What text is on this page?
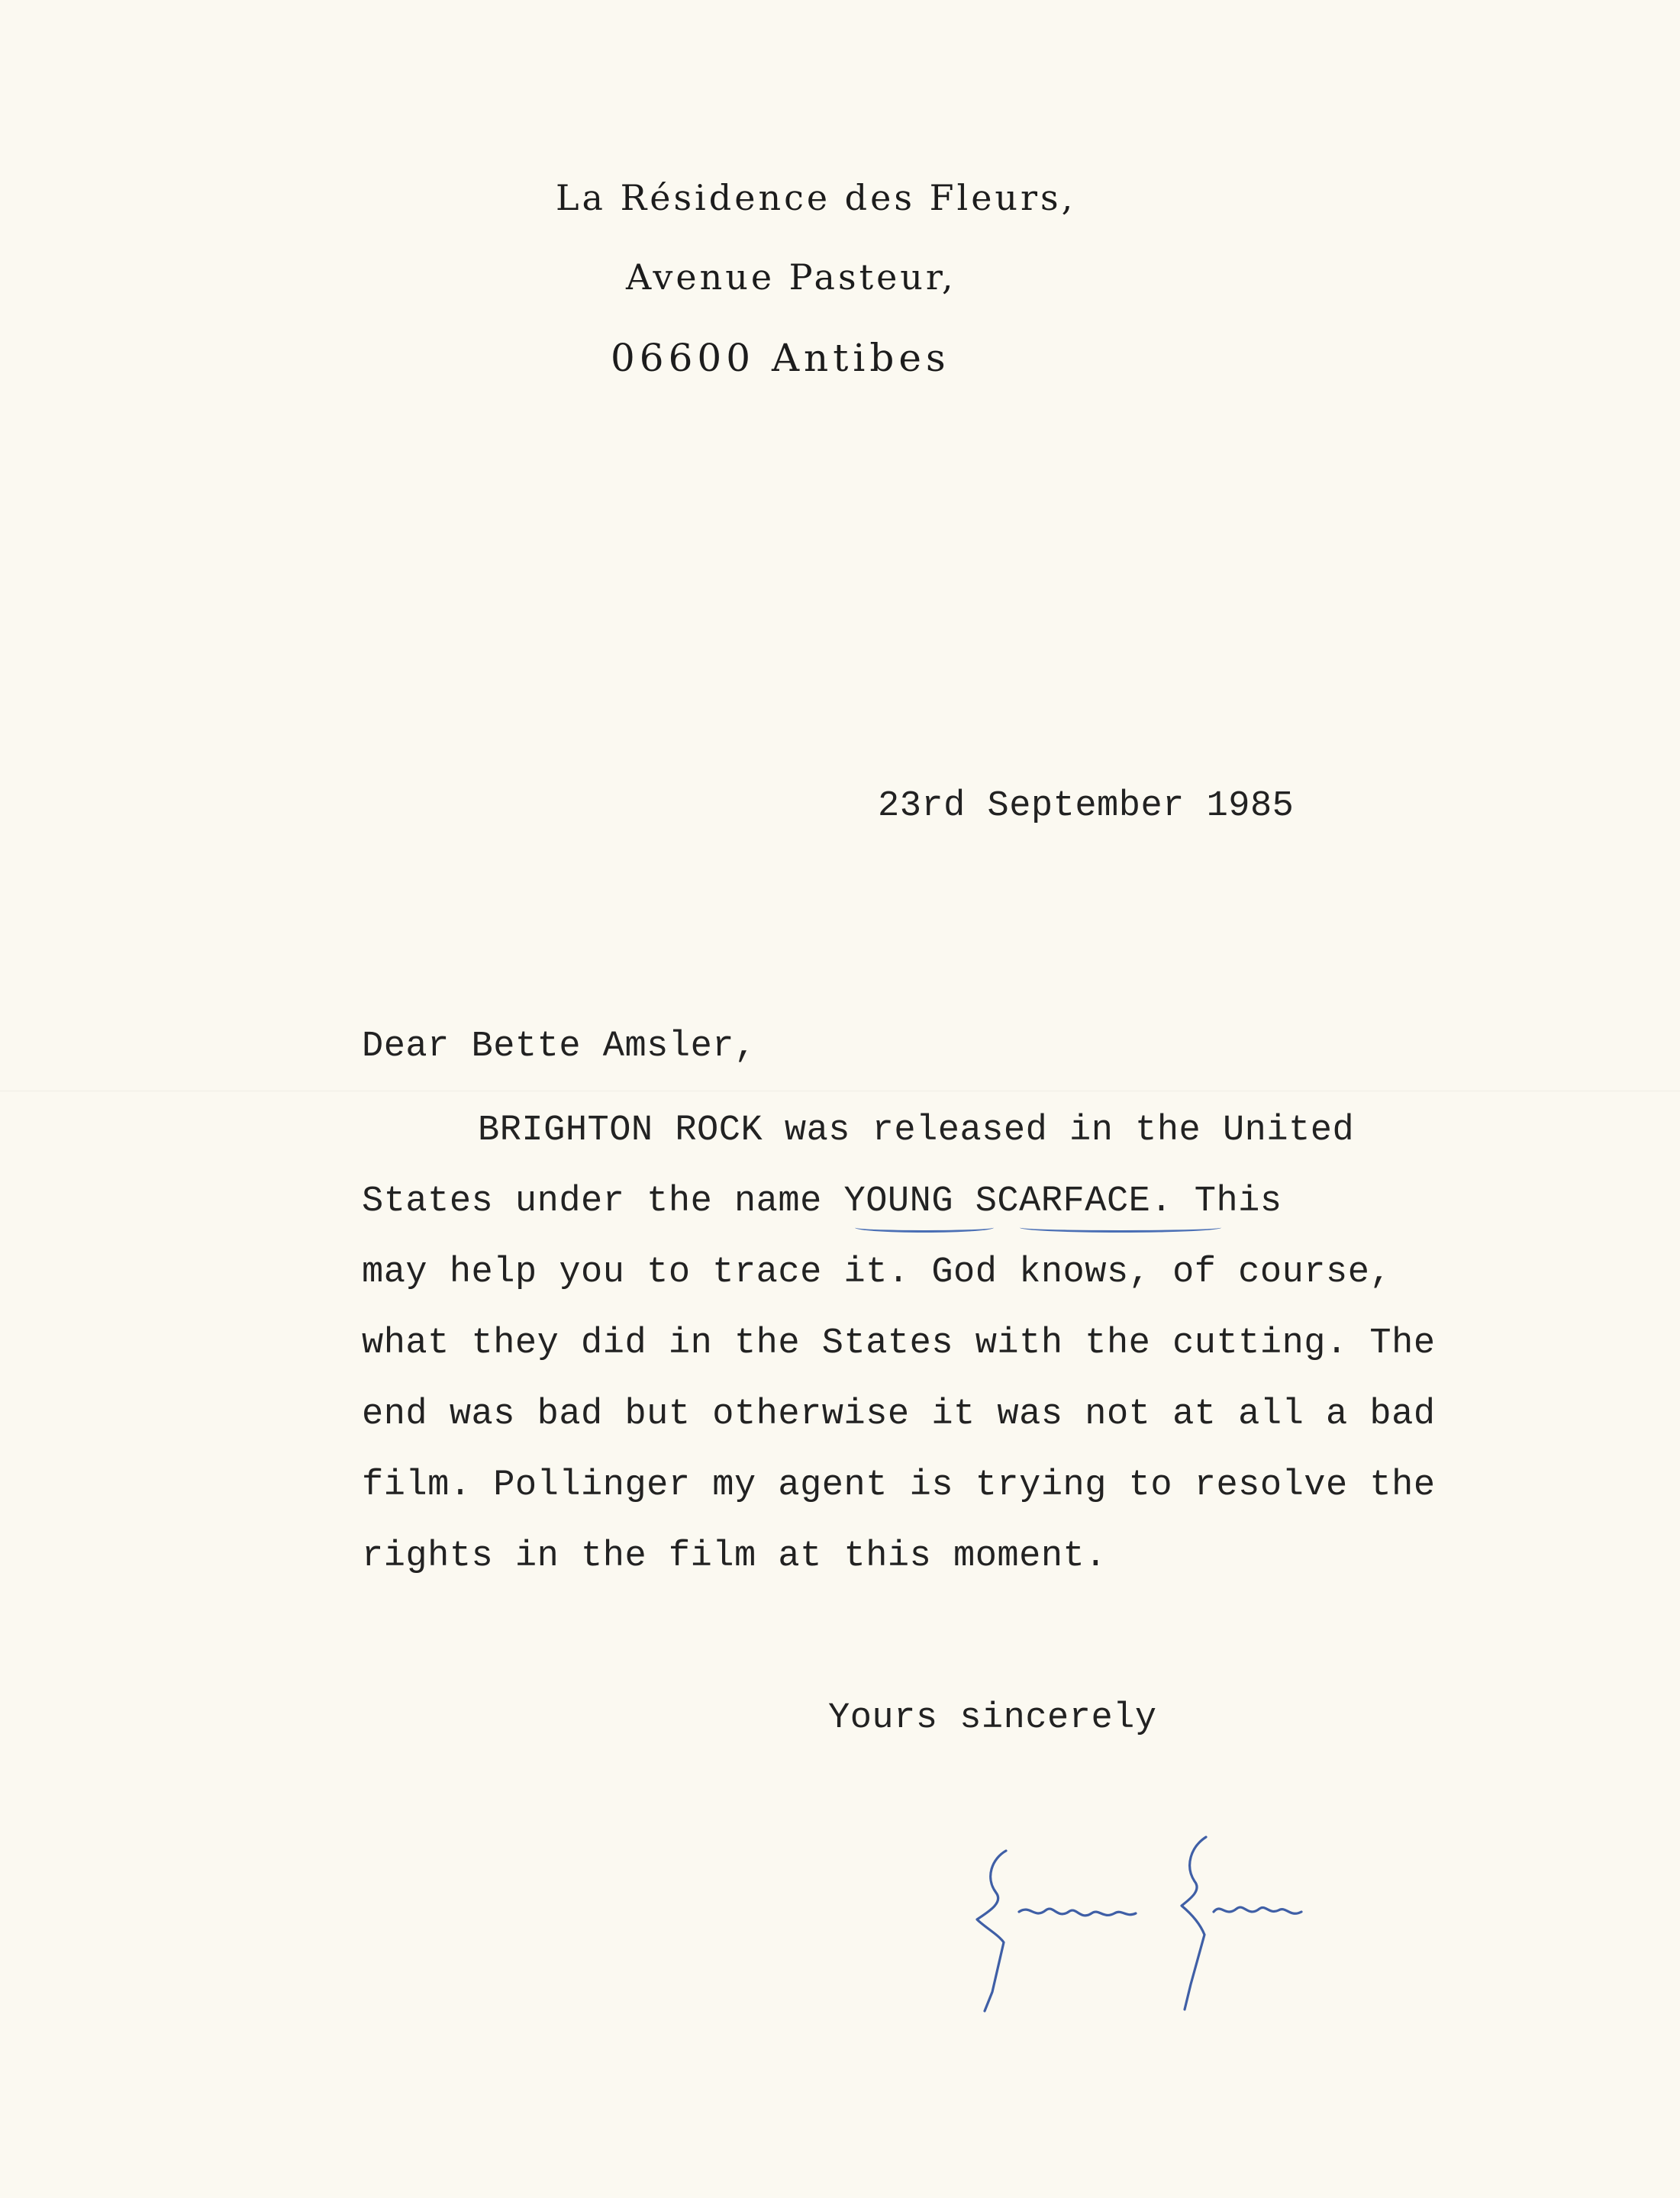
La Résidence des Fleurs,
Avenue Pasteur,
06600 Antibes
23rd September 1985
Dear Bette Amsler,
BRIGHTON ROCK was released in the United
States under the name YOUNG SCARFACE. This
may help you to trace it. God knows, of course,
what they did in the States with the cutting. The
end was bad but otherwise it was not at all a bad
film. Pollinger my agent is trying to resolve the
rights in the film at this moment.
Yours sincerely
